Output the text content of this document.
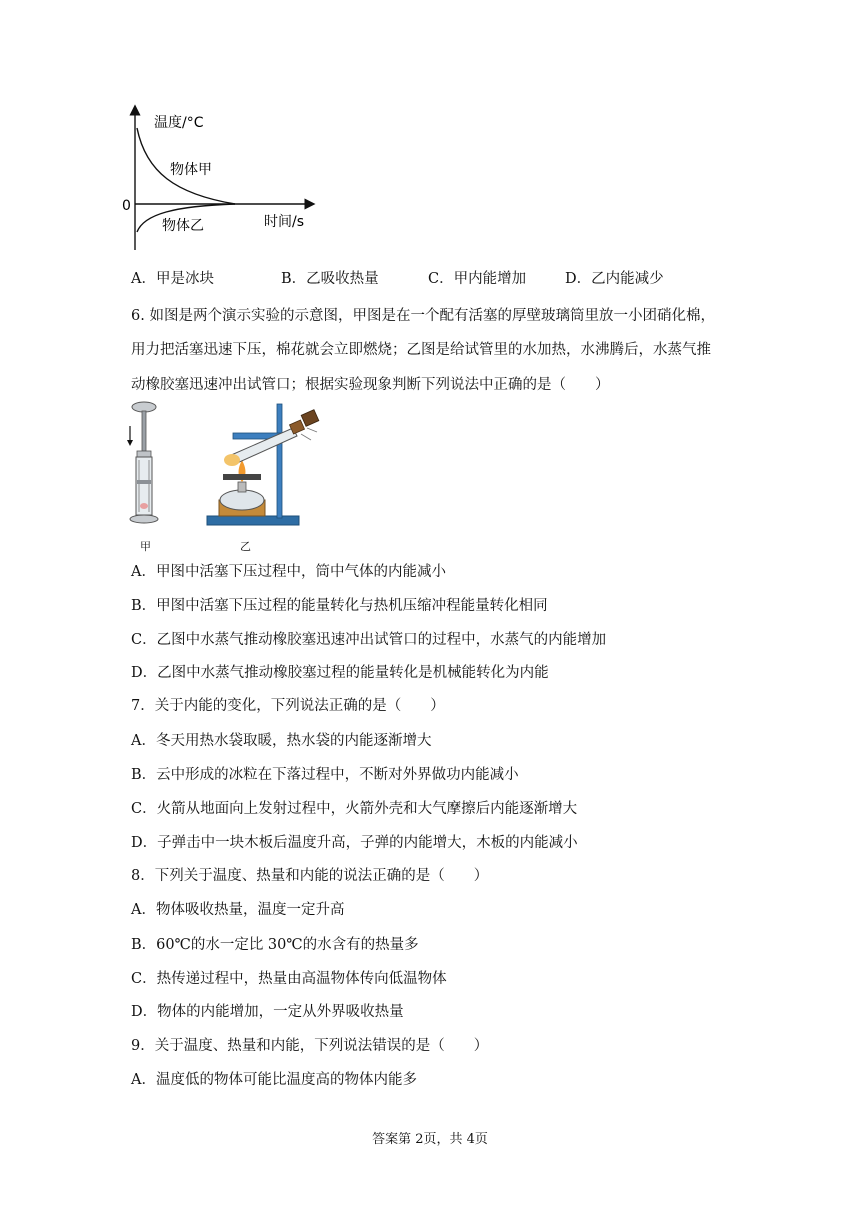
温度/°C
时间/s
0
物体甲
物体乙
A．甲是冰块	B．乙吸收热量	C．甲内能增加	D．乙内能减少
6. 如图是两个演示实验的示意图，甲图是在一个配有活塞的厚壁玻璃筒里放一小团硝化棉，
用力把活塞迅速下压，棉花就会立即燃烧；乙图是给试管里的水加热，水沸腾后，水蒸气推
动橡胶塞迅速冲出试管口；根据实验现象判断下列说法中正确的是（　　）
甲	乙
A．甲图中活塞下压过程中，筒中气体的内能减小
B．甲图中活塞下压过程的能量转化与热机压缩冲程能量转化相同
C．乙图中水蒸气推动橡胶塞迅速冲出试管口的过程中，水蒸气的内能增加
D．乙图中水蒸气推动橡胶塞过程的能量转化是机械能转化为内能
7．关于内能的变化，下列说法正确的是（　　）
A．冬天用热水袋取暖，热水袋的内能逐渐增大
B．云中形成的冰粒在下落过程中，不断对外界做功内能减小
C．火箭从地面向上发射过程中，火箭外壳和大气摩擦后内能逐渐增大
D．子弹击中一块木板后温度升高，子弹的内能增大，木板的内能减小
8．下列关于温度、热量和内能的说法正确的是（　　）
A．物体吸收热量，温度一定升高
B．60℃的水一定比 30℃的水含有的热量多
C．热传递过程中，热量由高温物体传向低温物体
D．物体的内能增加，一定从外界吸收热量
9．关于温度、热量和内能，下列说法错误的是（　　）
A．温度低的物体可能比温度高的物体内能多
答案第 2页，共 4页
